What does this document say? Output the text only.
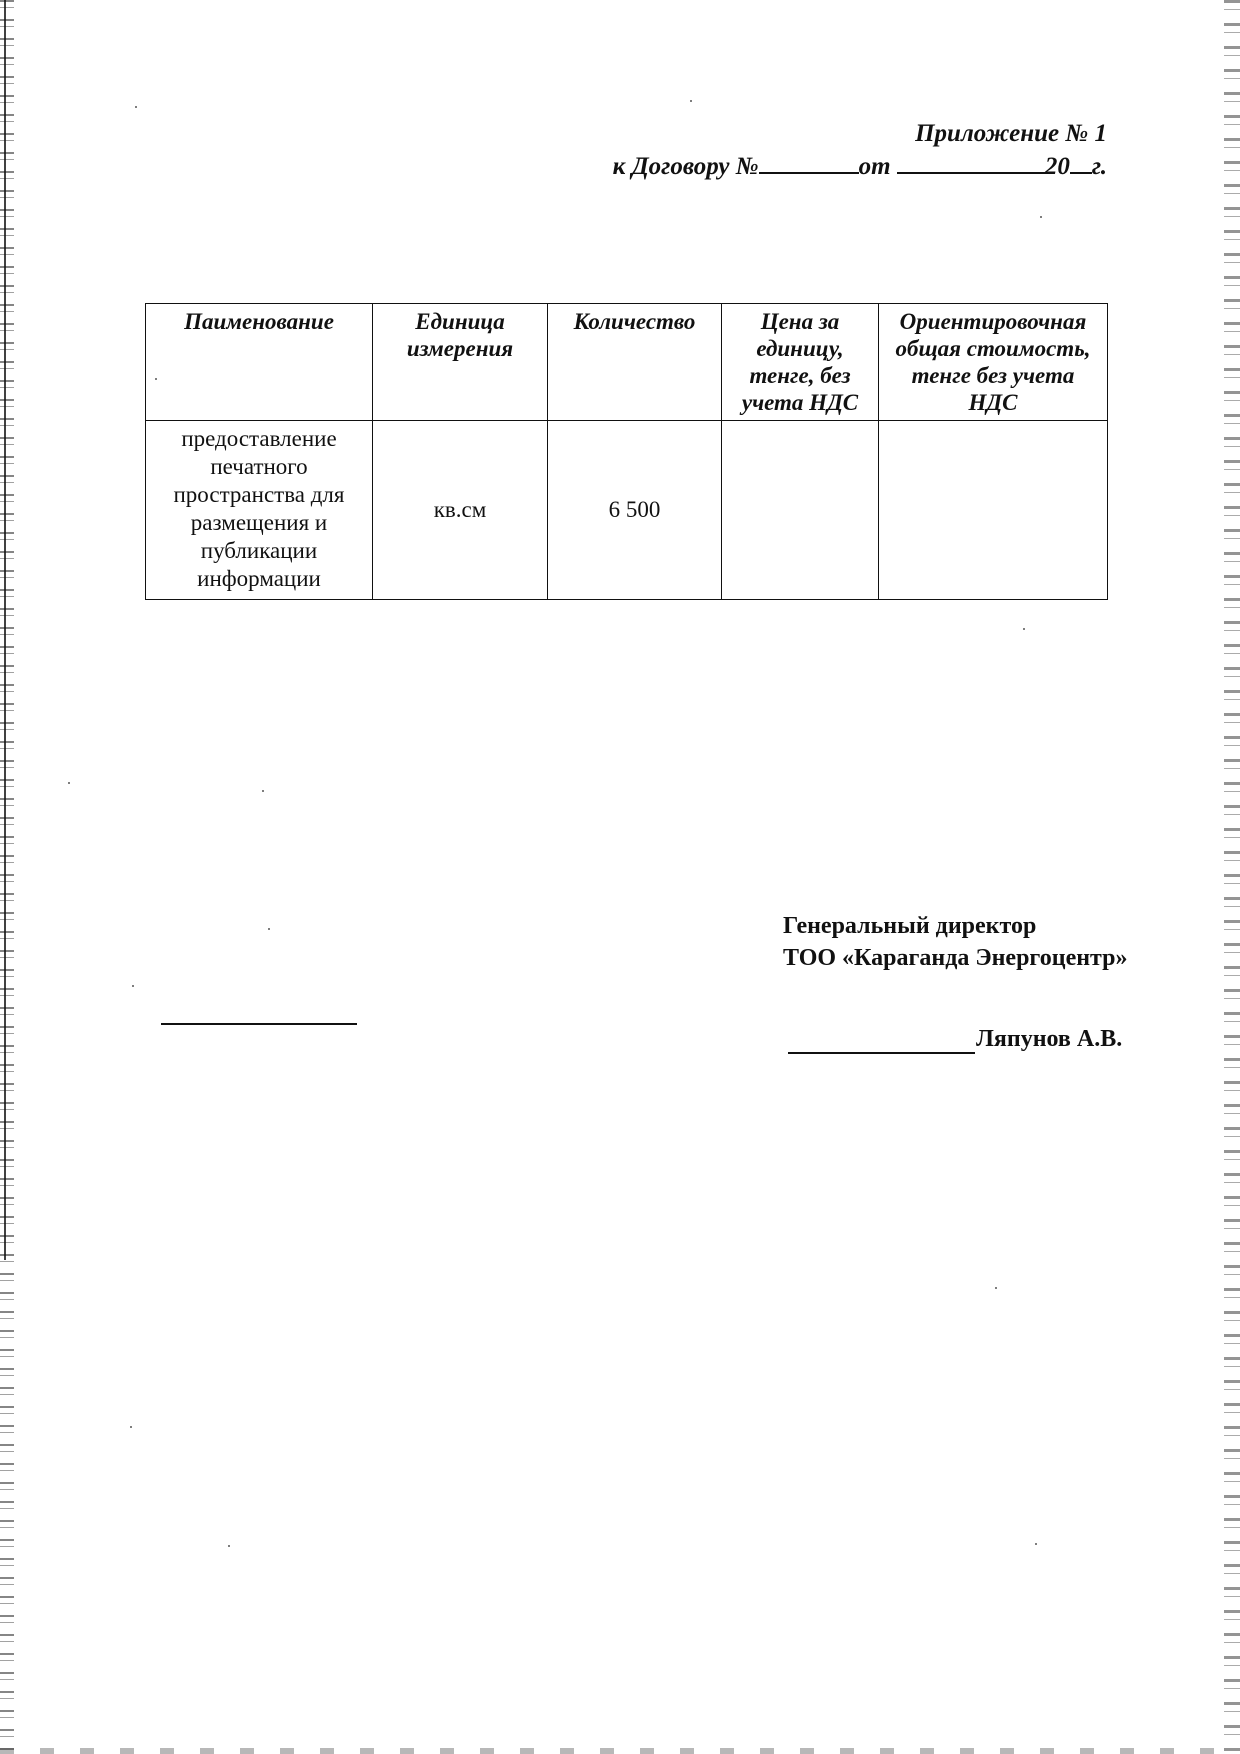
Приложение № 1
к Договору №	от	20 г.
Паименование	Единица измерения	Количество	Цена за единицу, тенге, без учета НДС	Ориентировочная общая стоимость, тенге без учета НДС
предоставление печатного пространства для размещения и публикации информации	кв.см	6 500		
Генеральный директор
ТОО «Караганда Энергоцентр»
Ляпунов А.В.
